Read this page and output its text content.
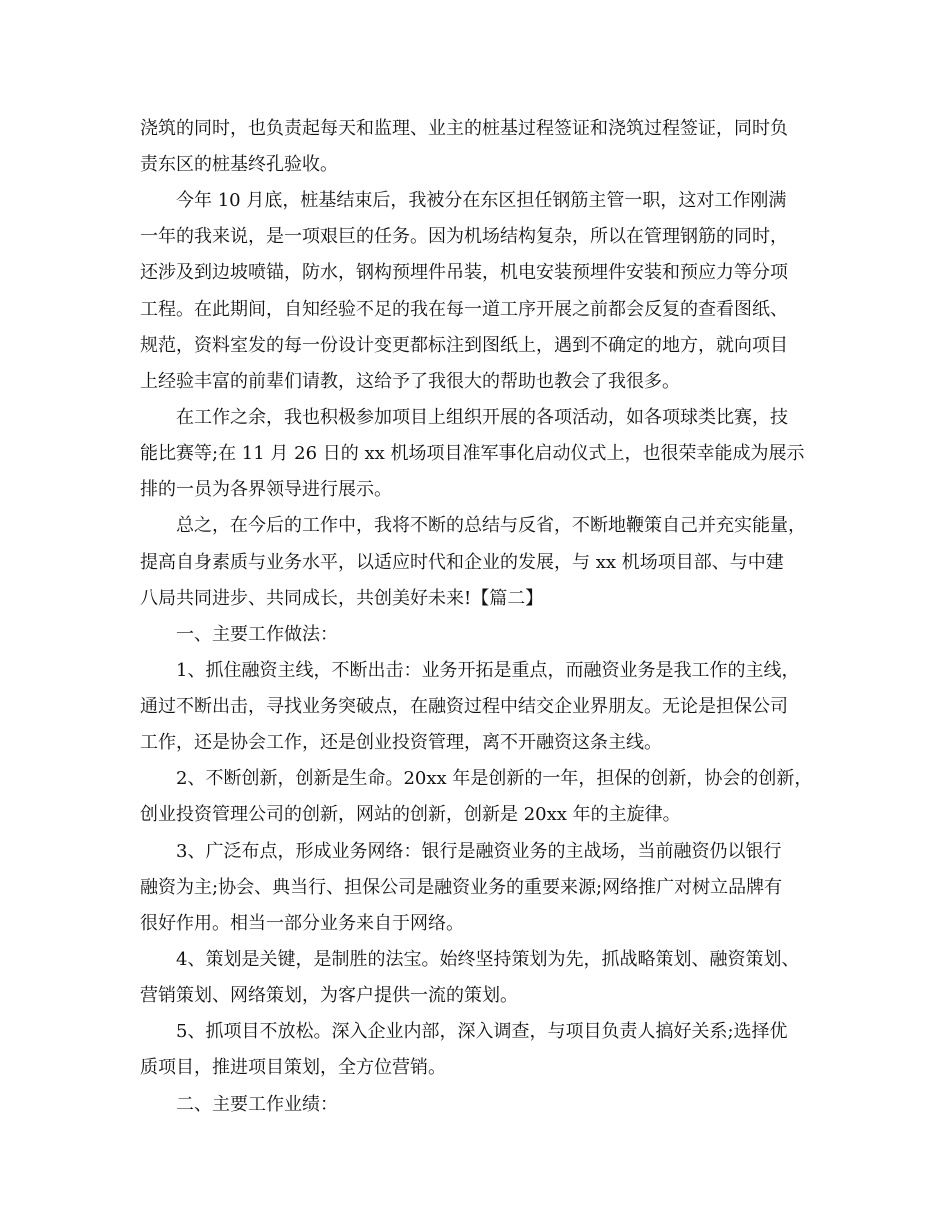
浇筑的同时，也负责起每天和监理、业主的桩基过程签证和浇筑过程签证，同时负
责东区的桩基终孔验收。
今年 10 月底，桩基结束后，我被分在东区担任钢筋主管一职，这对工作刚满
一年的我来说，是一项艰巨的任务。因为机场结构复杂，所以在管理钢筋的同时，
还涉及到边坡喷锚，防水，钢构预埋件吊装，机电安装预埋件安装和预应力等分项
工程。在此期间，自知经验不足的我在每一道工序开展之前都会反复的查看图纸、
规范，资料室发的每一份设计变更都标注到图纸上，遇到不确定的地方，就向项目
上经验丰富的前辈们请教，这给予了我很大的帮助也教会了我很多。
在工作之余，我也积极参加项目上组织开展的各项活动，如各项球类比赛，技
能比赛等;在 11 月 26 日的 xx 机场项目准军事化启动仪式上，也很荣幸能成为展示
排的一员为各界领导进行展示。
总之，在今后的工作中，我将不断的总结与反省，不断地鞭策自己并充实能量，
提高自身素质与业务水平，以适应时代和企业的发展，与 xx 机场项目部、与中建
八局共同进步、共同成长，共创美好未来!【篇二】
一、主要工作做法：
1、抓住融资主线，不断出击：业务开拓是重点，而融资业务是我工作的主线，
通过不断出击，寻找业务突破点，在融资过程中结交企业界朋友。无论是担保公司
工作，还是协会工作，还是创业投资管理，离不开融资这条主线。
2、不断创新，创新是生命。20xx 年是创新的一年，担保的创新，协会的创新，
创业投资管理公司的创新，网站的创新，创新是 20xx 年的主旋律。
3、广泛布点，形成业务网络：银行是融资业务的主战场，当前融资仍以银行
融资为主;协会、典当行、担保公司是融资业务的重要来源;网络推广对树立品牌有
很好作用。相当一部分业务来自于网络。
4、策划是关键，是制胜的法宝。始终坚持策划为先，抓战略策划、融资策划、
营销策划、网络策划，为客户提供一流的策划。
5、抓项目不放松。深入企业内部，深入调查，与项目负责人搞好关系;选择优
质项目，推进项目策划，全方位营销。
二、主要工作业绩：
